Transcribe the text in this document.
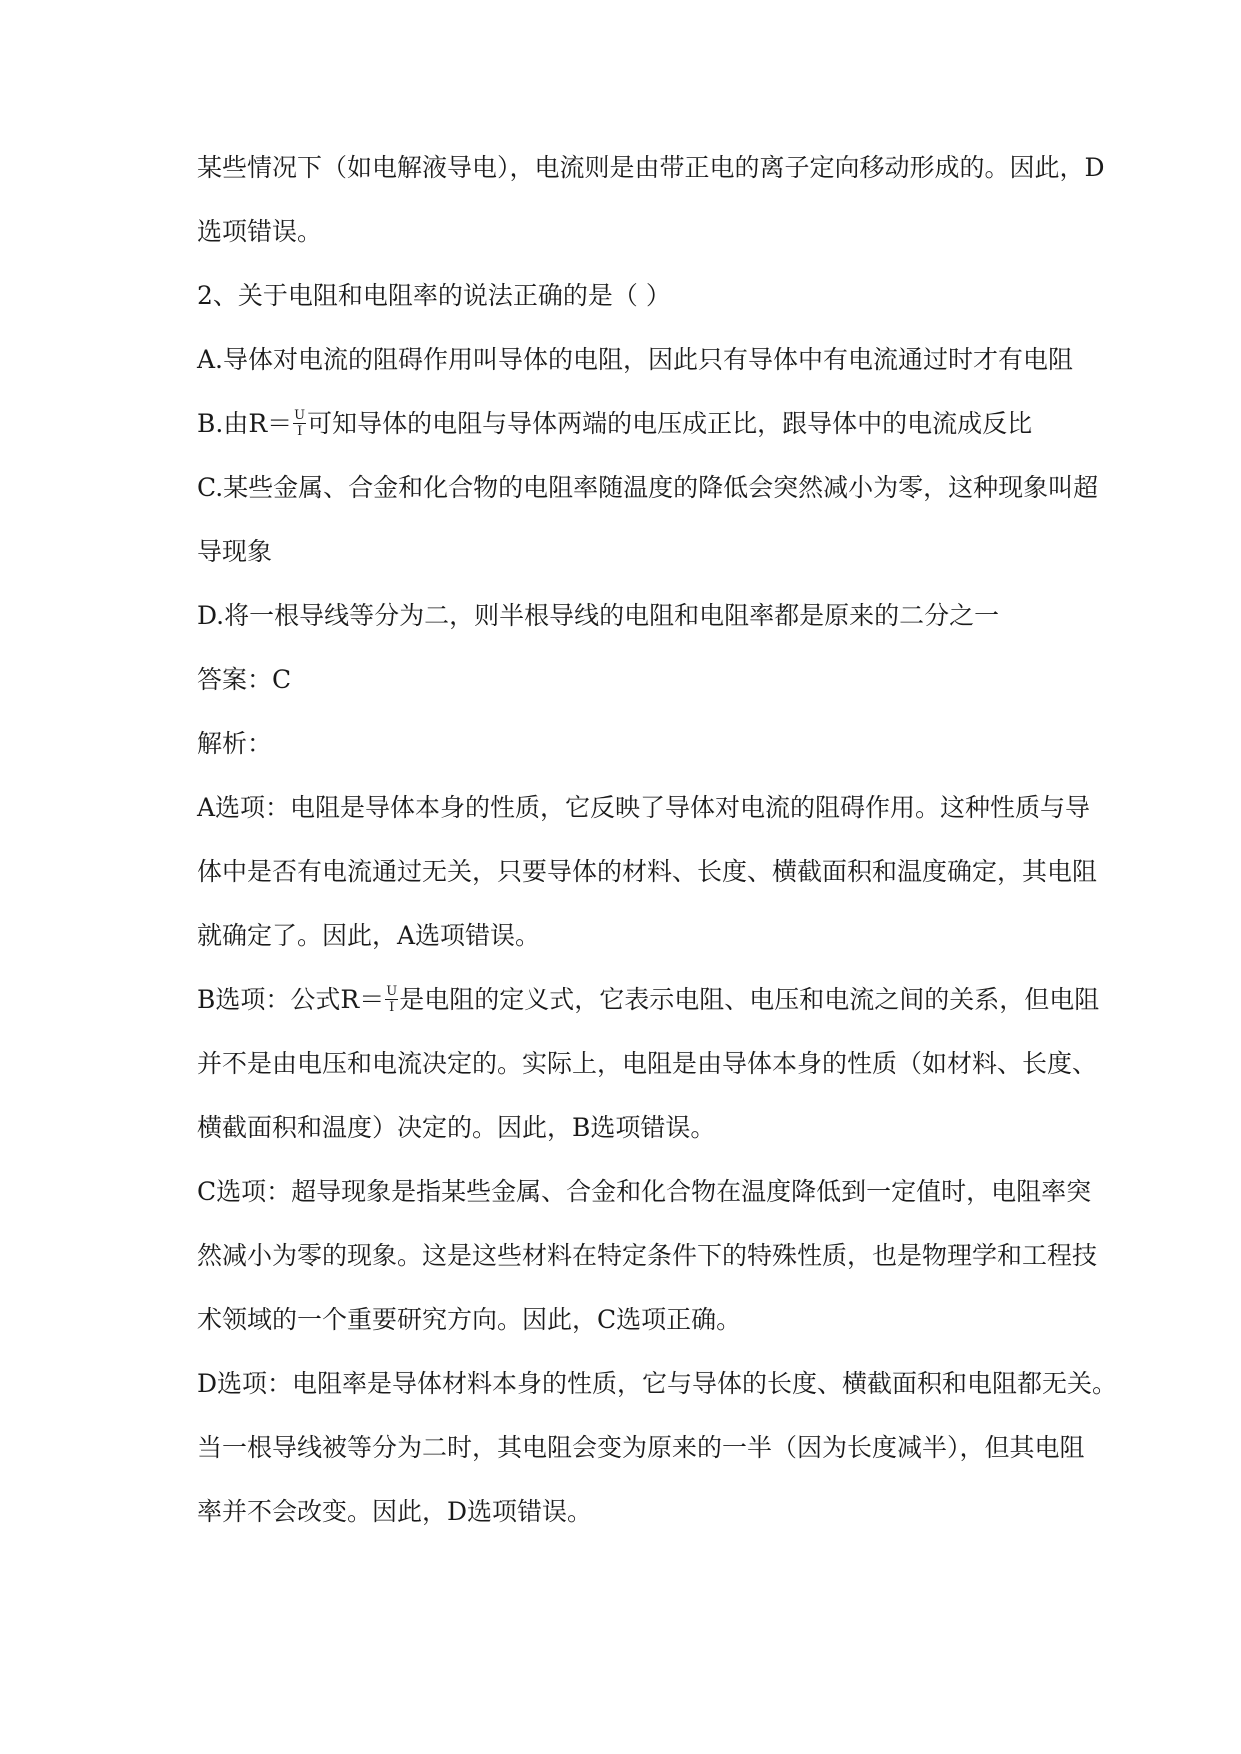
某些情况下（如电解液导电），电流则是由带正电的离子定向移动形成的。因此，D
选项错误。
2、关于电阻和电阻率的说法正确的是（ ）
A.导体对电流的阻碍作用叫导体的电阻，因此只有导体中有电流通过时才有电阻
B.由$R= \frac{U}{I}$ 可知导体的电阻与导体两端的电压成正比，跟导体中的电流成反比
C.某些金属、合金和化合物的电阻率随温度的降低会突然减小为零，这种现象叫超
导现象
D.将一根导线等分为二，则半根导线的电阻和电阻率都是原来的二分之一
答案：C
解析：
A选项：电阻是导体本身的性质，它反映了导体对电流的阻碍作用。这种性质与导
体中是否有电流通过无关，只要导体的材料、长度、横截面积和温度确定，其电阻
就确定了。因此，A选项错误。
B选项：公式$R= \frac{U}{I}$ 是电阻的定义式，它表示电阻、电压和电流之间的关系，但电阻
并不是由电压和电流决定的。实际上，电阻是由导体本身的性质（如材料、长度、
横截面积和温度）决定的。因此，B选项错误。
C选项：超导现象是指某些金属、合金和化合物在温度降低到一定值时，电阻率突
然减小为零的现象。这是这些材料在特定条件下的特殊性质，也是物理学和工程技
术领域的一个重要研究方向。因此，C选项正确。
D选项：电阻率是导体材料本身的性质，它与导体的长度、横截面积和电阻都无关。
当一根导线被等分为二时，其电阻会变为原来的一半（因为长度减半），但其电阻
率并不会改变。因此，D选项错误。
